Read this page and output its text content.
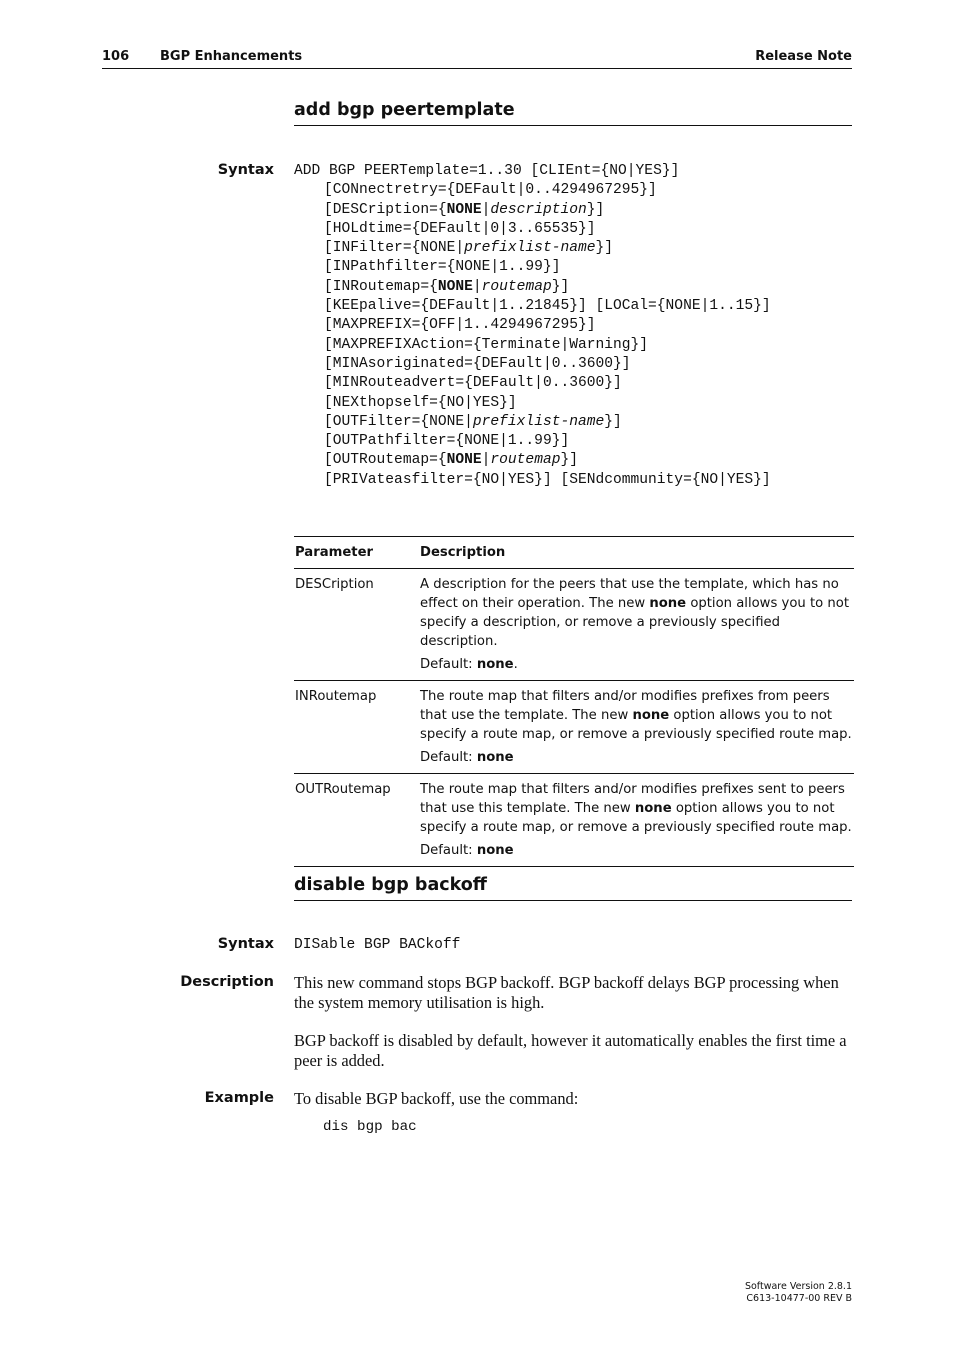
106 BGP Enhancements	Release Note
add bgp peertemplate
Syntax ADD BGP PEERTemplate=1..30 [CLIEnt={NO|YES}]
[CONnectretry={DEFault|0..4294967295}]
[DESCription={NONE|description}]
[HOLdtime={DEFault|0|3..65535}]
[INFilter={NONE|prefixlist-name}]
[INPathfilter={NONE|1..99}]
[INRoutemap={NONE|routemap}]
[KEEpalive={DEFault|1..21845}] [LOCal={NONE|1..15}]
[MAXPREFIX={OFF|1..4294967295}]
[MAXPREFIXAction={Terminate|Warning}]
[MINAsoriginated={DEFault|0..3600}]
[MINRouteadvert={DEFault|0..3600}]
[NEXthopself={NO|YES}]
[OUTFilter={NONE|prefixlist-name}]
[OUTPathfilter={NONE|1..99}]
[OUTRoutemap={NONE|routemap}]
[PRIVateasfilter={NO|YES}] [SENdcommunity={NO|YES}]
Parameter	Description
DESCription	A description for the peers that use the template, which has no effect on their operation. The new none option allows you to not specify a description, or remove a previously specified description.
Default: none.

INRoutemap	The route map that filters and/or modifies prefixes from peers that use the template. The new none option allows you to not specify a route map, or remove a previously specified route map.
Default: none

OUTRoutemap	The route map that filters and/or modifies prefixes sent to peers that use this template. The new none option allows you to not specify a route map, or remove a previously specified route map.
Default: none
disable bgp backoff
Syntax DISable BGP BACkoff
Description This new command stops BGP backoff. BGP backoff delays BGP processing when the system memory utilisation is high.
BGP backoff is disabled by default, however it automatically enables the first time a peer is added.
Example To disable BGP backoff, use the command:
dis bgp bac
Software Version 2.8.1
C613-10477-00 REV B
